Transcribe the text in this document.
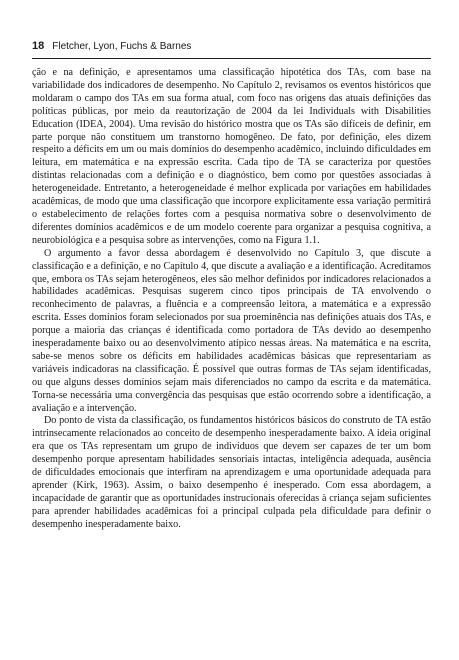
18 Fletcher, Lyon, Fuchs & Barnes

ção e na definição, e apresentamos uma classificação hipotética dos TAs, com base na variabilidade dos indicadores de desempenho. No Capítulo 2, revisamos os eventos históricos que moldaram o campo dos TAs em sua forma atual, com foco nas origens das atuais definições das políticas públicas, por meio da reautorização de 2004 da lei Individuals with Disabilities Education (IDEA, 2004). Uma revisão do histórico mostra que os TAs são difíceis de definir, em parte porque não constituem um transtorno homogêneo. De fato, por definição, eles dizem respeito a déficits em um ou mais domínios do desempenho acadêmico, incluindo dificuldades em leitura, em matemática e na expressão escrita. Cada tipo de TA se caracteriza por questões distintas relacionadas com a definição e o diagnóstico, bem como por questões associadas à heterogeneidade. Entretanto, a heterogeneidade é melhor explicada por variações em habilidades acadêmicas, de modo que uma classificação que incorpore explicitamente essa variação permitirá o estabelecimento de relações fortes com a pesquisa normativa sobre o desenvolvimento de diferentes domínios acadêmicos e de um modelo coerente para organizar a pesquisa cognitiva, a neurobiológica e a pesquisa sobre as intervenções, como na Figura 1.1.

O argumento a favor dessa abordagem é desenvolvido no Capítulo 3, que discute a classificação e a definição, e no Capítulo 4, que discute a avaliação e a identificação. Acreditamos que, embora os TAs sejam heterogêneos, eles são melhor definidos por indicadores relacionados a habilidades acadêmicas. Pesquisas sugerem cinco tipos principais de TA envolvendo o reconhecimento de palavras, a fluência e a compreensão leitora, a matemática e a expressão escrita. Esses domínios foram selecionados por sua proeminência nas definições atuais dos TAs, e porque a maioria das crianças é identificada como portadora de TAs devido ao desempenho inesperadamente baixo ou ao desenvolvimento atípico nessas áreas. Na matemática e na escrita, sabe-se menos sobre os déficits em habilidades acadêmicas básicas que representariam as variáveis indicadoras na classificação. É possível que outras formas de TAs sejam identificadas, ou que alguns desses domínios sejam mais diferenciados no campo da escrita e da matemática. Torna-se necessária uma convergência das pesquisas que estão ocorrendo sobre a identificação, a avaliação e a intervenção.

Do ponto de vista da classificação, os fundamentos históricos básicos do construto de TA estão intrinsecamente relacionados ao conceito de desempenho inesperadamente baixo. A ideia original era que os TAs representam um grupo de indivíduos que devem ser capazes de ter um bom desempenho porque apresentam habilidades sensoriais intactas, inteligência adequada, ausência de dificuldades emocionais que interfiram na aprendizagem e uma oportunidade adequada para aprender (Kirk, 1963). Assim, o baixo desempenho é inesperado. Com essa abordagem, a incapacidade de garantir que as oportunidades instrucionais oferecidas à criança sejam suficientes para aprender habilidades acadêmicas foi a principal culpada pela dificuldade para definir o desempenho inesperadamente baixo.
